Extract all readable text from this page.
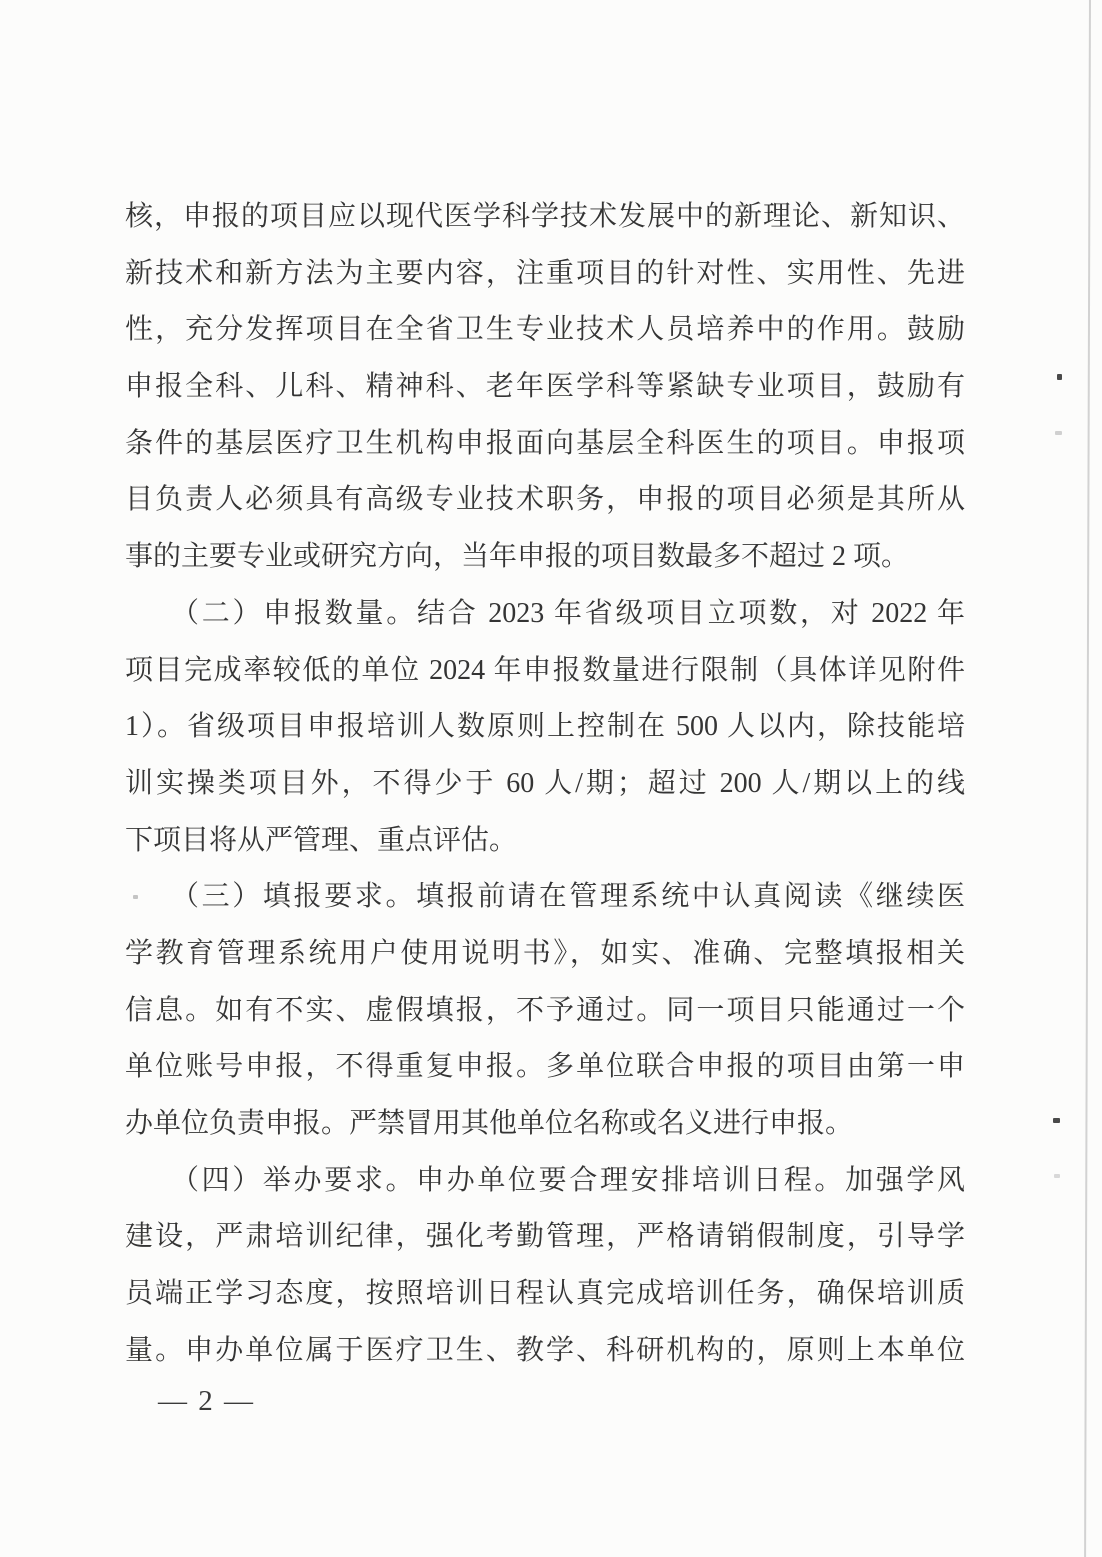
核，申报的项目应以现代医学科学技术发展中的新理论、新知识、
新技术和新方法为主要内容，注重项目的针对性、实用性、先进
性，充分发挥项目在全省卫生专业技术人员培养中的作用。鼓励
申报全科、儿科、精神科、老年医学科等紧缺专业项目，鼓励有
条件的基层医疗卫生机构申报面向基层全科医生的项目。申报项
目负责人必须具有高级专业技术职务，申报的项目必须是其所从
事的主要专业或研究方向，当年申报的项目数最多不超过 2 项。
（二）申报数量。结合 2023 年省级项目立项数，对 2022 年
项目完成率较低的单位 2024 年申报数量进行限制（具体详见附件
1）。省级项目申报培训人数原则上控制在 500 人以内，除技能培
训实操类项目外，不得少于 60 人/期；超过 200 人/期以上的线
下项目将从严管理、重点评估。
（三）填报要求。填报前请在管理系统中认真阅读《继续医
学教育管理系统用户使用说明书》，如实、准确、完整填报相关
信息。如有不实、虚假填报，不予通过。同一项目只能通过一个
单位账号申报，不得重复申报。多单位联合申报的项目由第一申
办单位负责申报。严禁冒用其他单位名称或名义进行申报。
（四）举办要求。申办单位要合理安排培训日程。加强学风
建设，严肃培训纪律，强化考勤管理，严格请销假制度，引导学
员端正学习态度，按照培训日程认真完成培训任务，确保培训质
量。申办单位属于医疗卫生、教学、科研机构的，原则上本单位
— 2 —
